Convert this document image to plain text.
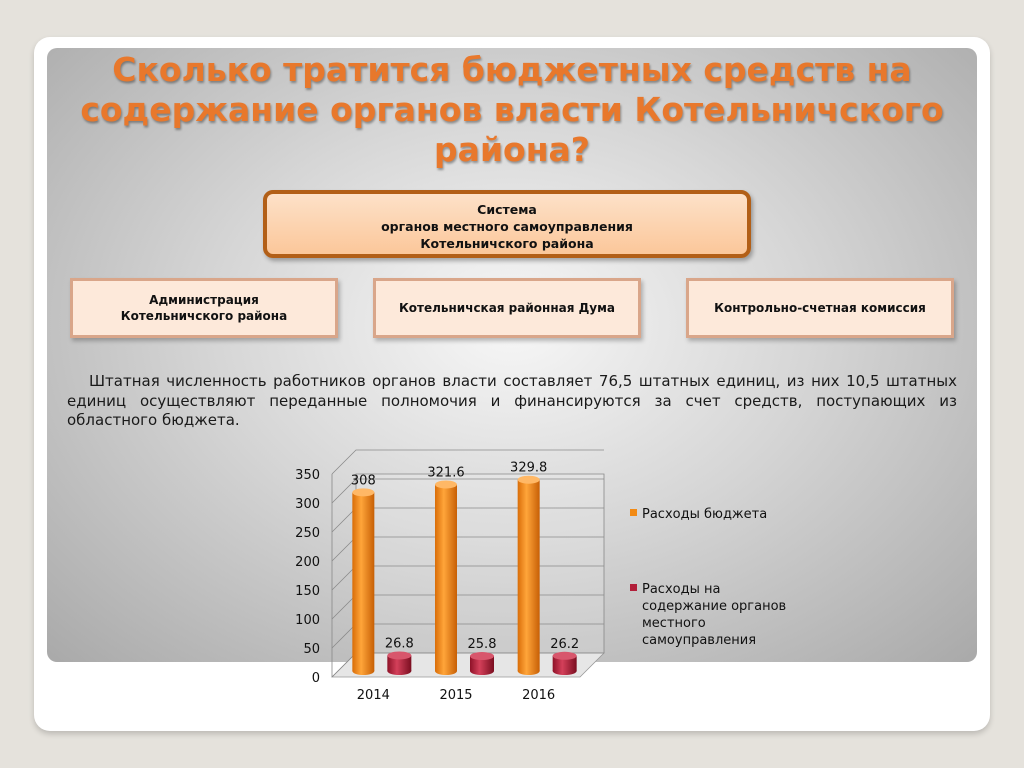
Сколько тратится бюджетных средств на содержание органов власти Котельничского района?
Система
органов местного самоуправления
Котельничского района
Администрация
Котельничского района
Котельничская районная Дума	Контрольно-счетная комиссия
Штатная численность работников органов власти составляет 76,5 штатных единиц, из них 10,5 штатных единиц осуществляют переданные полномочия и финансируются за счет средств, поступающих из областного бюджета.
0
50
100
150
200
250
300
350
2014
308
26.8
2015
321.6
25.8
2016
329.8
26.2
Расходы бюджета
Расходы на
содержание органов
местного
самоуправления
